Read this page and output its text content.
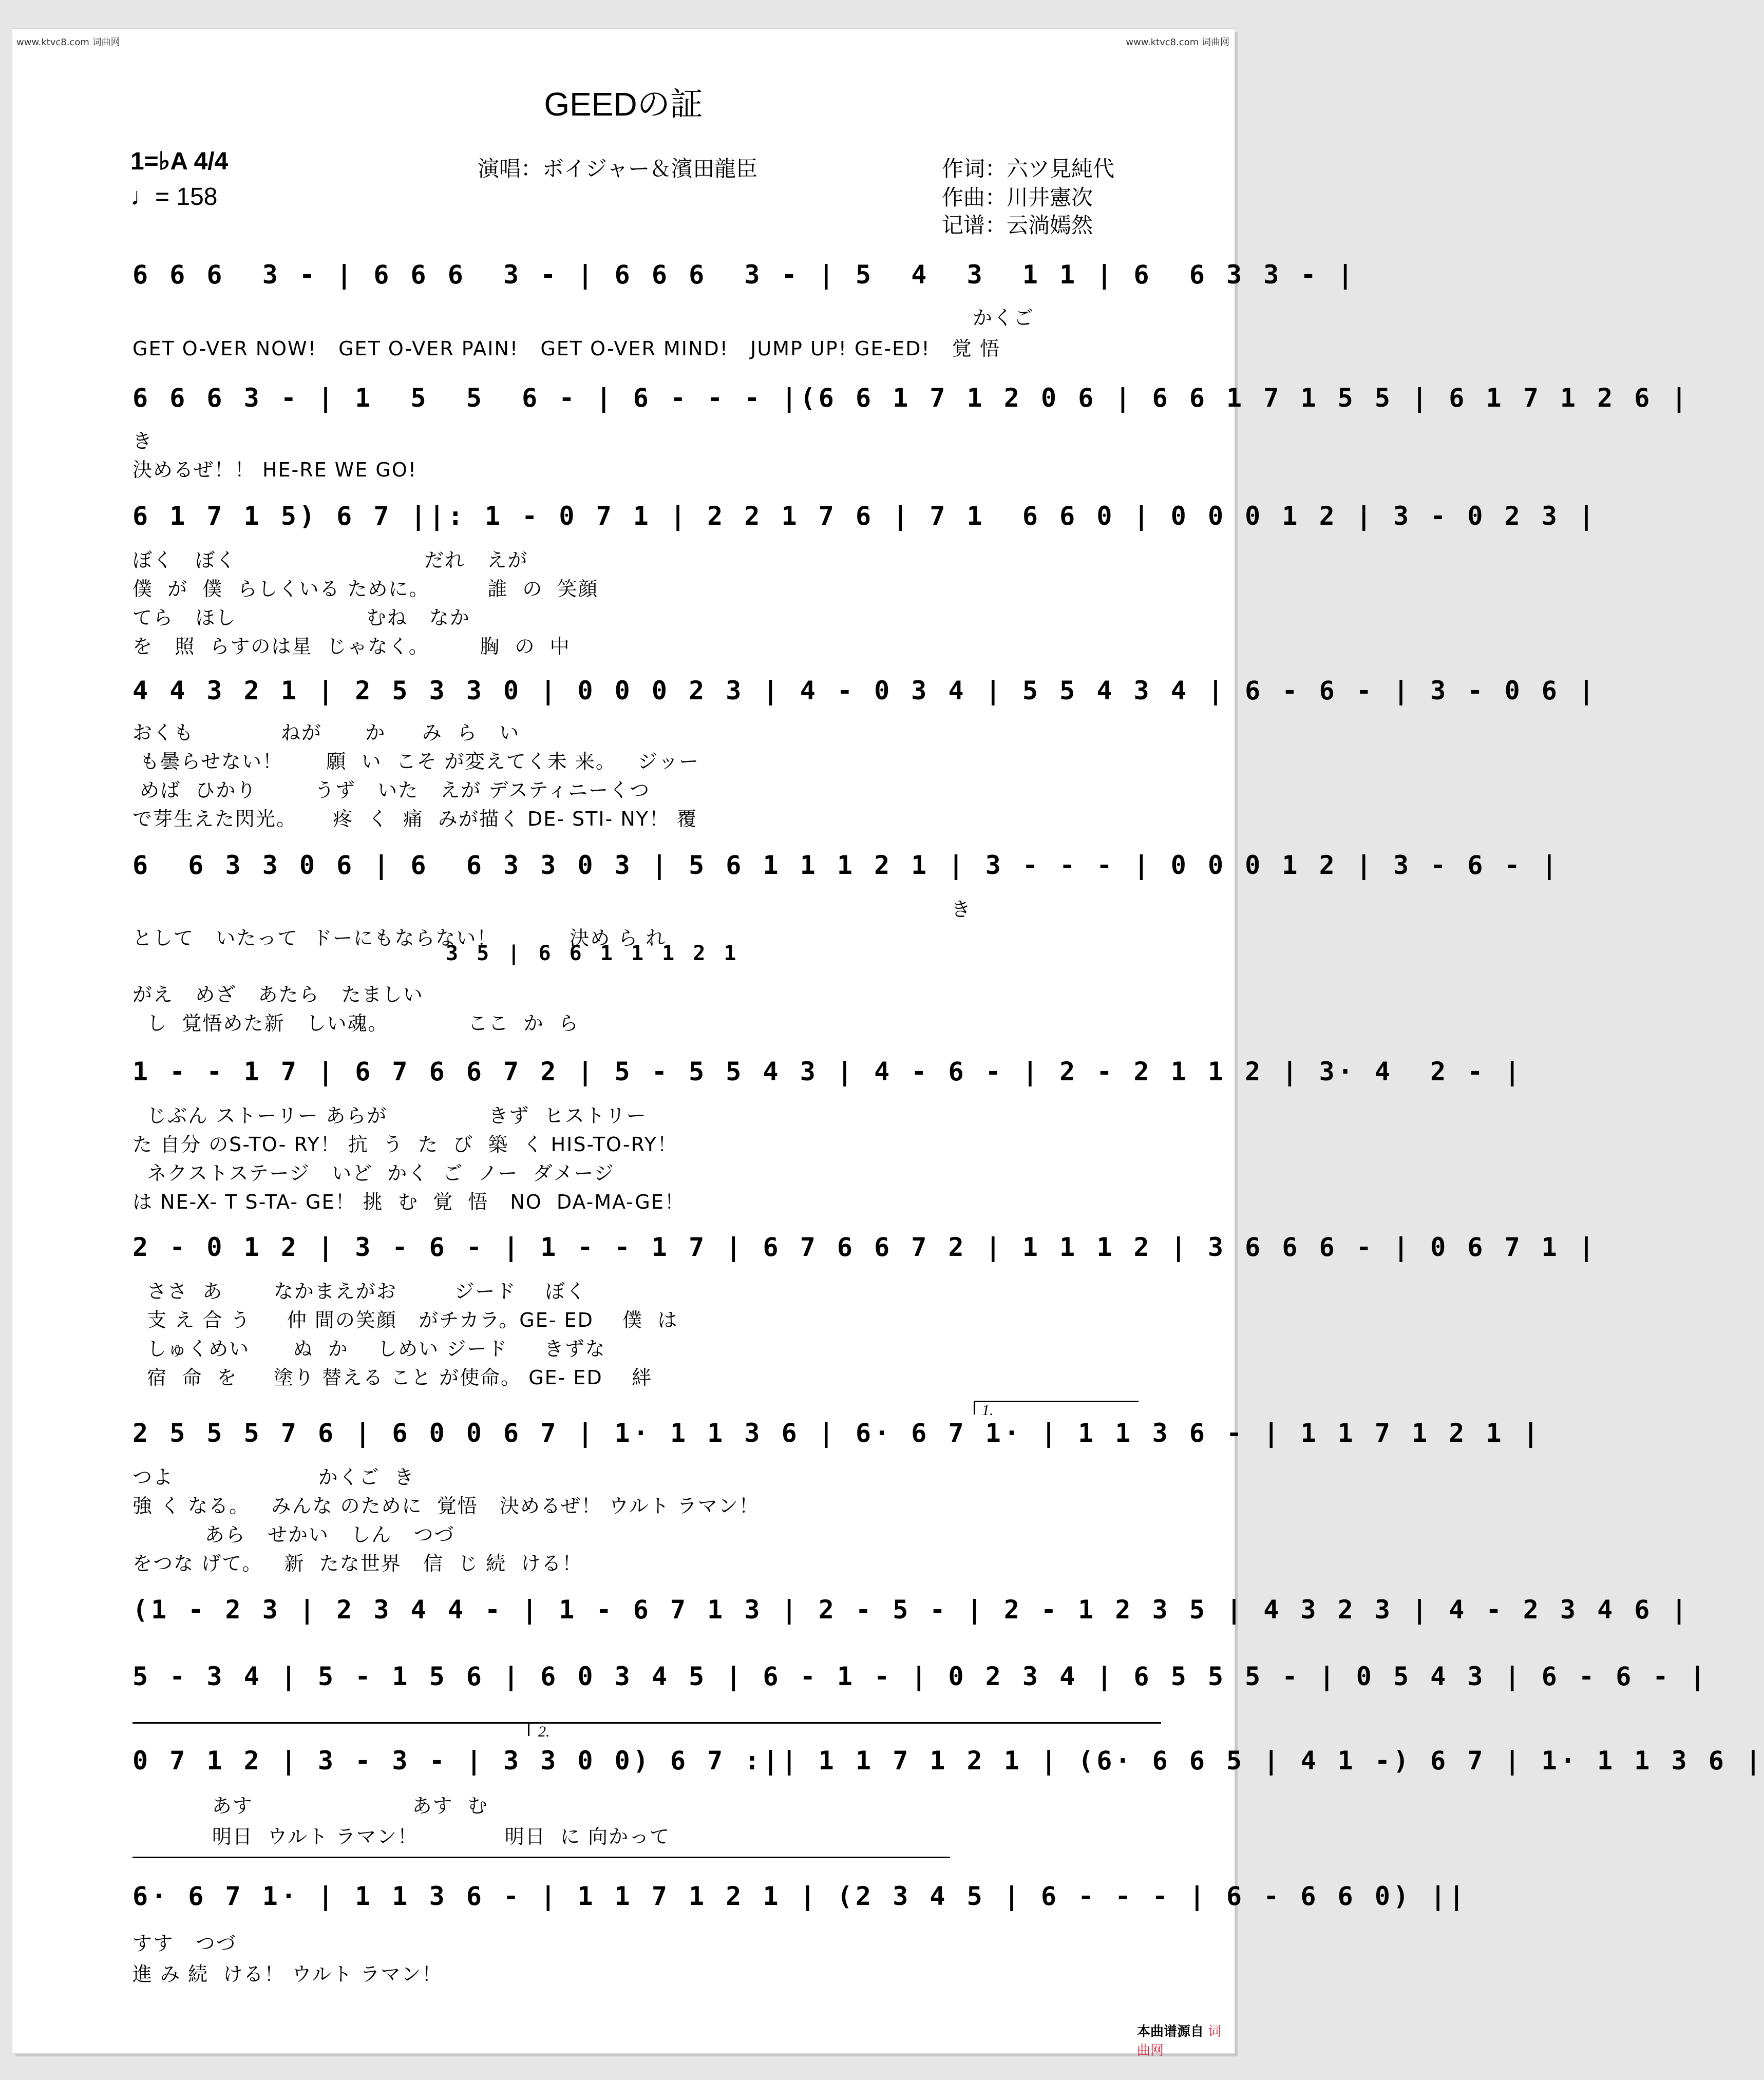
www.ktvc8.com 词曲网	www.ktvc8.com 词曲网
GEEDの証
演唱：ボイジャー＆濱田龍臣	作词：六ツ見純代
作曲：川井憲次
记谱：云淌嫣然
1=♭A 4/4
♩= 158
6 6 6  3 - | 6 6 6  3 - | 6 6 6  3 - | 5  4  3  1 1 | 6  6 3 3 - |
かくご
GET O-VER NOW!   GET O-VER PAIN!   GET O-VER MIND!   JUMP UP! GE-ED!   覚 悟
6 6 6 3 - | 1  5  5  6 - | 6 - - - |(6 6 1 7 1 2 0 6 | 6 6 1 7 1 5 5 | 6 1 7 1 2 6 |
き
決めるぜ！！ HE-RE WE GO!
6 1 7 1 5) 6 7 ||: 1 - 0 7 1 | 2 2 1 7 6 | 7 1  6 6 0 | 0 0 0 1 2 | 3 - 0 2 3 |
ぼく   ぼく                          だれ   えが
僕  が  僕  らしくいる ために。        誰  の  笑顔
てら   ほし                  むね   なか
を   照  らすのは星  じゃなく。       胸  の  中
4 4 3 2 1 | 2 5 3 3 0 | 0 0 0 2 3 | 4 - 0 3 4 | 5 5 4 3 4 | 6 - 6 - | 3 - 0 6 |
おくも            ねが      か     み  ら   い
も曇らせない！      願  い  こそ が変えてく未 来。   ジッー
めば  ひかり        うず   いた   えが デスティニーくつ
で芽生えた閃光。     疼  く  痛  みが描く DE- STI- NY！ 覆
6  6 3 3 0 6 | 6  6 3 3 0 3 | 5 6 1 1 1 2 1 | 3 - - - | 0 0 0 1 2 | 3 - 6 - |
き
として   いたって  ドーにもならない！          決め ら れ
3 5 | 6 6 1 1 1 2 1
がえ   めざ   あたら   たましい
し  覚悟めた新   しい魂。           ここ  か  ら
1 - - 1 7 | 6 7 6 6 7 2 | 5 - 5 5 4 3 | 4 - 6 - | 2 - 2 1 1 2 | 3· 4  2 - |
じぶん ストーリー あらが              きず  ヒストリー
た 自分 のS-TO- RY！ 抗  う  た  び  築  く HIS-TO-RY！
ネクストステージ   いど  かく  ご  ノー  ダメージ
は NE-X- T S-TA- GE！ 挑  む  覚  悟   NO  DA-MA-GE！
2 - 0 1 2 | 3 - 6 - | 1 - - 1 7 | 6 7 6 6 7 2 | 1 1 1 2 | 3 6 6 6 - | 0 6 7 1 |
ささ  あ       なかまえがお        ジード    ぼく
支 え 合 う     仲 間の笑顔   がチカラ。GE- ED    僕  は
しゅくめい      ぬ  か    しめい ジード     きずな
宿  命  を     塗り 替える こと が使命。 GE- ED    絆
1.
2 5 5 5 7 6 | 6 0 0 6 7 | 1· 1 1 3 6 | 6· 6 7 1· | 1 1 3 6 - | 1 1 7 1 2 1 |
つよ                    かくご  き
強 く なる。   みんな のために  覚悟   決めるぜ！ ウルト ラマン！
あら   せかい   しん   つづ
をつな げて。   新  たな世界   信  じ 続  ける！
(1 - 2 3 | 2 3 4 4 - | 1 - 6 7 1 3 | 2 - 5 - | 2 - 1 2 3 5 | 4 3 2 3 | 4 - 2 3 4 6 |
5 - 3 4 | 5 - 1 5 6 | 6 0 3 4 5 | 6 - 1 - | 0 2 3 4 | 6 5 5 5 - | 0 5 4 3 | 6 - 6 - |
2.
0 7 1 2 | 3 - 3 - | 3 3 0 0) 6 7 :|| 1 1 7 1 2 1 | (6· 6 6 5 | 4 1 -) 6 7 | 1· 1 1 3 6 |
あす                      あす  む
明日  ウルト ラマン！            明日  に 向かって
6· 6 7 1· | 1 1 3 6 - | 1 1 7 1 2 1 | (2 3 4 5 | 6 - - - | 6 - 6 6 0) ||
すす   つづ
進 み 続  ける！ ウルト ラマン！
本曲谱源自 词曲网
